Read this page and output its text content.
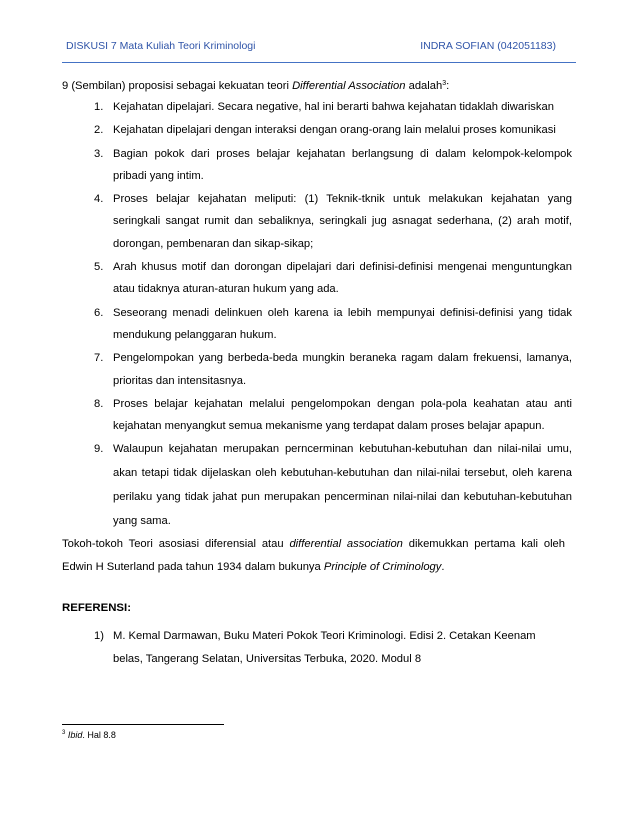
DISKUSI 7 Mata Kuliah Teori Kriminologi	INDRA SOFIAN (042051183)
9 (Sembilan) proposisi sebagai kekuatan teori Differential Association adalah$^3$:
1. Kejahatan dipelajari. Secara negative, hal ini berarti bahwa kejahatan tidaklah diwariskan
2. Kejahatan dipelajari dengan interaksi dengan orang-orang lain melalui proses komunikasi
3. Bagian pokok dari proses belajar kejahatan berlangsung di dalam kelompok-kelompok pribadi yang intim.
4. Proses belajar kejahatan meliputi: (1) Teknik-tknik untuk melakukan kejahatan yang seringkali sangat rumit dan sebaliknya, seringkali jug asnagat sederhana, (2) arah motif, dorongan, pembenaran dan sikap-sikap;
5. Arah khusus motif dan dorongan dipelajari dari definisi-definisi mengenai menguntungkan atau tidaknya aturan-aturan hukum yang ada.
6. Seseorang menadi delinkuen oleh karena ia lebih mempunyai definisi-definisi yang tidak mendukung pelanggaran hukum.
7. Pengelompokan yang berbeda-beda mungkin beraneka ragam dalam frekuensi, lamanya, prioritas dan intensitasnya.
8. Proses belajar kejahatan melalui pengelompokan dengan pola-pola keahatan atau anti kejahatan menyangkut semua mekanisme yang terdapat dalam proses belajar apapun.
9. Walaupun kejahatan merupakan perncerminan kebutuhan-kebutuhan dan nilai-nilai umu, akan tetapi tidak dijelaskan oleh kebutuhan-kebutuhan dan nilai-nilai tersebut, oleh karena perilaku yang tidak jahat pun merupakan pencerminan nilai-nilai dan kebutuhan-kebutuhan yang sama.
Tokoh-tokoh Teori asosiasi diferensial atau differential association dikemukkan pertama kali oleh Edwin H Suterland pada tahun 1934 dalam bukunya Principle of Criminology.
REFERENSI:
1) M. Kemal Darmawan, Buku Materi Pokok Teori Kriminologi. Edisi 2. Cetakan Keenam belas, Tangerang Selatan, Universitas Terbuka, 2020. Modul 8
$^3$ Ibid. Hal 8.8
